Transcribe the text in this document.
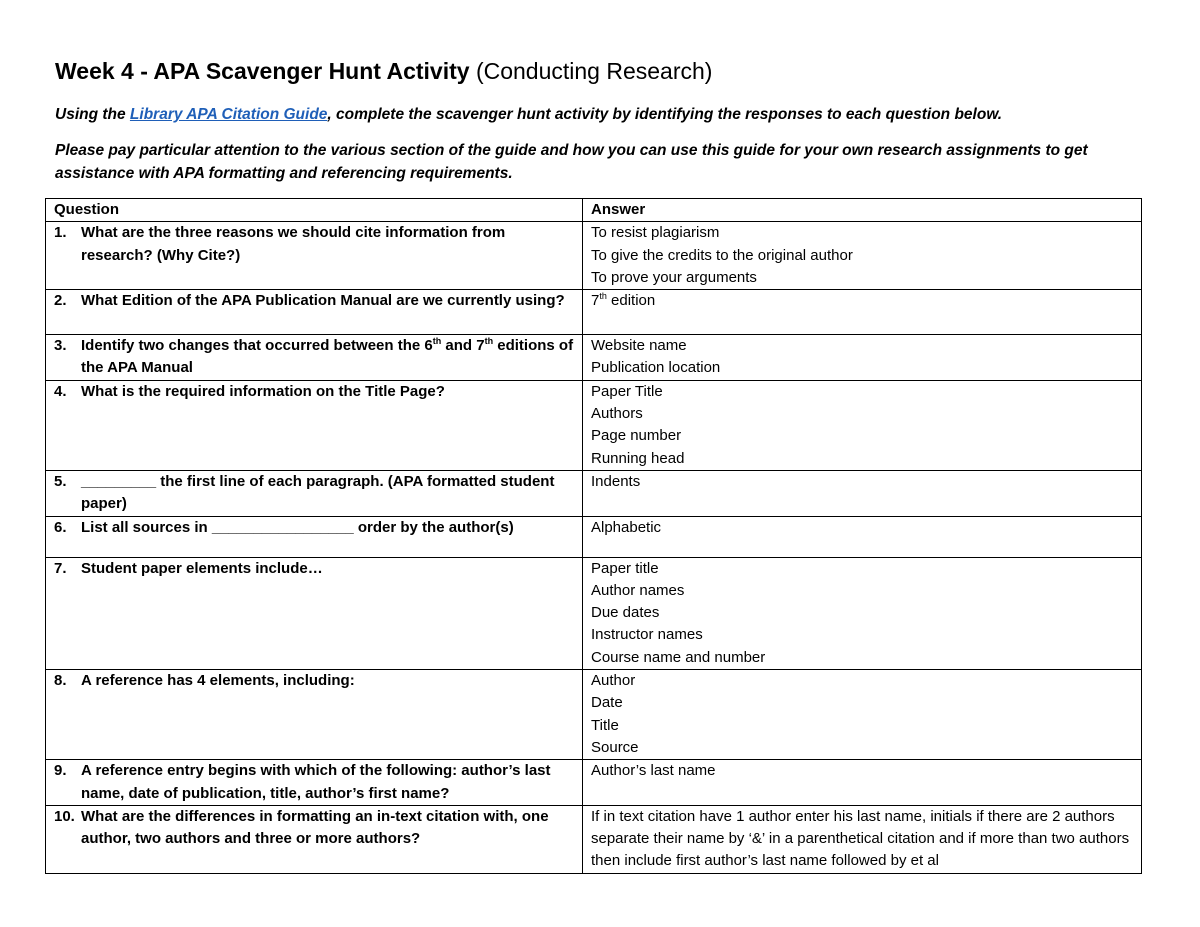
Week 4 - APA Scavenger Hunt Activity (Conducting Research)
Using the Library APA Citation Guide, complete the scavenger hunt activity by identifying the responses to each question below.
Please pay particular attention to the various section of the guide and how you can use this guide for your own research assignments to get assistance with APA formatting and referencing requirements.
Question	Answer

1. What are the three reasons we should cite information from research? (Why Cite?)	To resist plagiarism
To give the credits to the original author
To prove your arguments

2. What Edition of the APA Publication Manual are we currently using?	7th edition

3. Identify two changes that occurred between the 6th and 7th editions of the APA Manual	Website name
Publication location

4. What is the required information on the Title Page?	Paper Title
Authors
Page number
Running head

5. _________ the first line of each paragraph. (APA formatted student paper)	Indents

6. List all sources in _________________ order by the author(s)	Alphabetic

7. Student paper elements include…	Paper title
Author names
Due dates
Instructor names
Course name and number

8. A reference has 4 elements, including:	Author
Date
Title
Source

9. A reference entry begins with which of the following: author’s last name, date of publication, title, author’s first name?	Author’s last name

10. What are the differences in formatting an in-text citation with, one author, two authors and three or more authors?	If in text citation have 1 author enter his last name, initials if there are 2 authors separate their name by ‘&’ in a parenthetical citation and if more than two authors then include first author’s last name followed by et al
